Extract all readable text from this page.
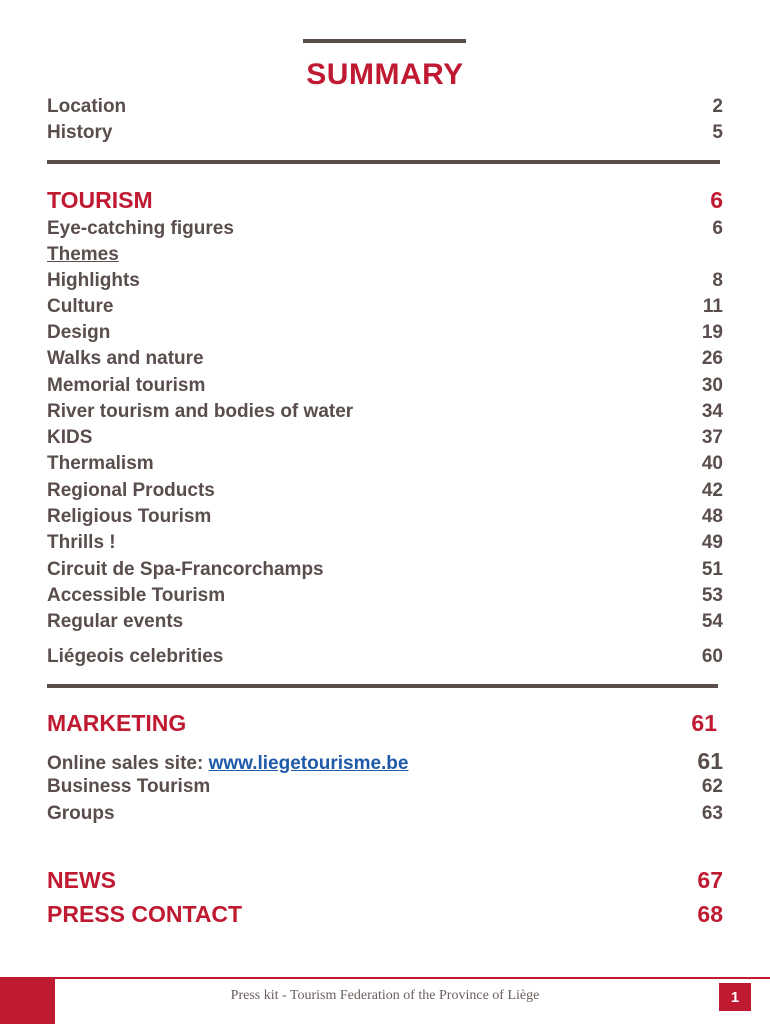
SUMMARY
Location	2
History	5
TOURISM	6
Eye-catching figures	6
Themes
Highlights	8
Culture	11
Design	19
Walks and nature	26
Memorial tourism	30
River tourism and bodies of water	34
KIDS	37
Thermalism	40
Regional Products	42
Religious Tourism	48
Thrills !	49
Circuit de Spa-Francorchamps	51
Accessible Tourism	53
Regular events	54
Liégeois celebrities	60
MARKETING	61
Online sales site: www.liegetourisme.be	61
Business Tourism	62
Groups	63
NEWS	67
PRESS CONTACT	68
Press kit - Tourism Federation of the Province of Liège	1
